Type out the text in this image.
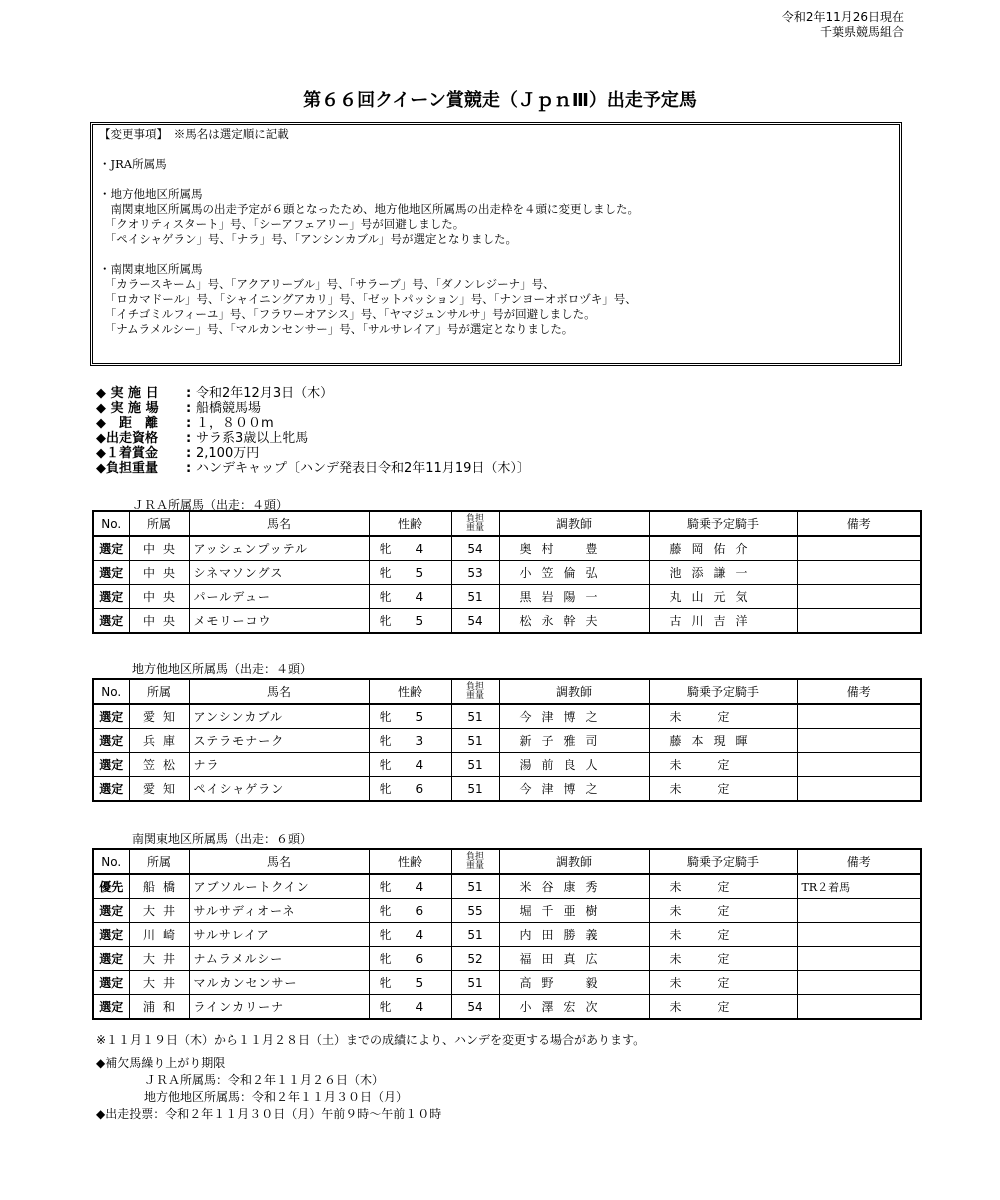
令和2年11月26日現在
千葉県競馬組合
第６６回クイーン賞競走（ＪｐｎⅢ）出走予定馬
【変更事項】　※馬名は選定順に記載
・JRA所属馬
・地方他地区所属馬
　南関東地区所属馬の出走予定が６頭となったため、地方他地区所属馬の出走枠を４頭に変更しました。
　「クオリティスタート」号、「シーアフェアリー」号が回避しました。
　「ペイシャゲラン」号、「ナラ」号、「アンシンカブル」号が選定となりました。
・南関東地区所属馬
　「カラースキーム」号、「アクアリーブル」号、「サラーブ」号、「ダノンレジーナ」号、
　「ロカマドール」号、「シャイニングアカリ」号、「ゼットパッション」号、「ナンヨーオボロヅキ」号、
　「イチゴミルフィーユ」号、「フラワーオアシス」号、「ヤマジュンサルサ」号が回避しました。
　「ナムラメルシー」号、「マルカンセンサー」号、「サルサレイア」号が選定となりました。
◆ 実 施 日	: 令和2年12月3日（木）
◆ 実 施 場	: 船橋競馬場
◆　距　離	: １，８００m
◆出走資格	: サラ系3歳以上牝馬
◆１着賞金	: 2,100万円
◆負担重量	: ハンデキャップ〔ハンデ発表日令和2年11月19日（木）〕
ＪＲＡ所属馬（出走：４頭）
No.	所属	馬名	性齢	負担
重量	調教師	騎乗予定騎手	備考
選定	中央	アッシェンプッテル	牝 4	54	奥村　豊	藤岡佑介	
選定	中央	シネマソングス	牝 5	53	小笠倫弘	池添謙一	
選定	中央	パールデュー	牝 4	51	黒岩陽一	丸山元気	
選定	中央	メモリーコウ	牝 5	54	松永幹夫	古川吉洋	
地方他地区所属馬（出走：４頭）
No.	所属	馬名	性齢	負担
重量	調教師	騎乗予定騎手	備考
選定	愛知	アンシンカブル	牝 5	51	今津博之	未　定	
選定	兵庫	ステラモナーク	牝 3	51	新子雅司	藤本現暉	
選定	笠松	ナラ	牝 4	51	湯前良人	未　定	
選定	愛知	ペイシャゲラン	牝 6	51	今津博之	未　定	
南関東地区所属馬（出走：６頭）
No.	所属	馬名	性齢	負担
重量	調教師	騎乗予定騎手	備考
優先	船橋	アブソルートクイン	牝 4	51	米谷康秀	未　定	TR２着馬
選定	大井	サルサディオーネ	牝 6	55	堀千亜樹	未　定	
選定	川崎	サルサレイア	牝 4	51	内田勝義	未　定	
選定	大井	ナムラメルシー	牝 6	52	福田真広	未　定	
選定	大井	マルカンセンサー	牝 5	51	高野　毅	未　定	
選定	浦和	ラインカリーナ	牝 4	54	小澤宏次	未　定	
※１１月１９日（木）から１１月２８日（土）までの成績により、ハンデを変更する場合があります。
◆補欠馬繰り上がり期限
　　　　ＪＲＡ所属馬：令和２年１１月２６日（木）
　　　　地方他地区所属馬：令和２年１１月３０日（月）
◆出走投票：令和２年１１月３０日（月）午前９時～午前１０時
